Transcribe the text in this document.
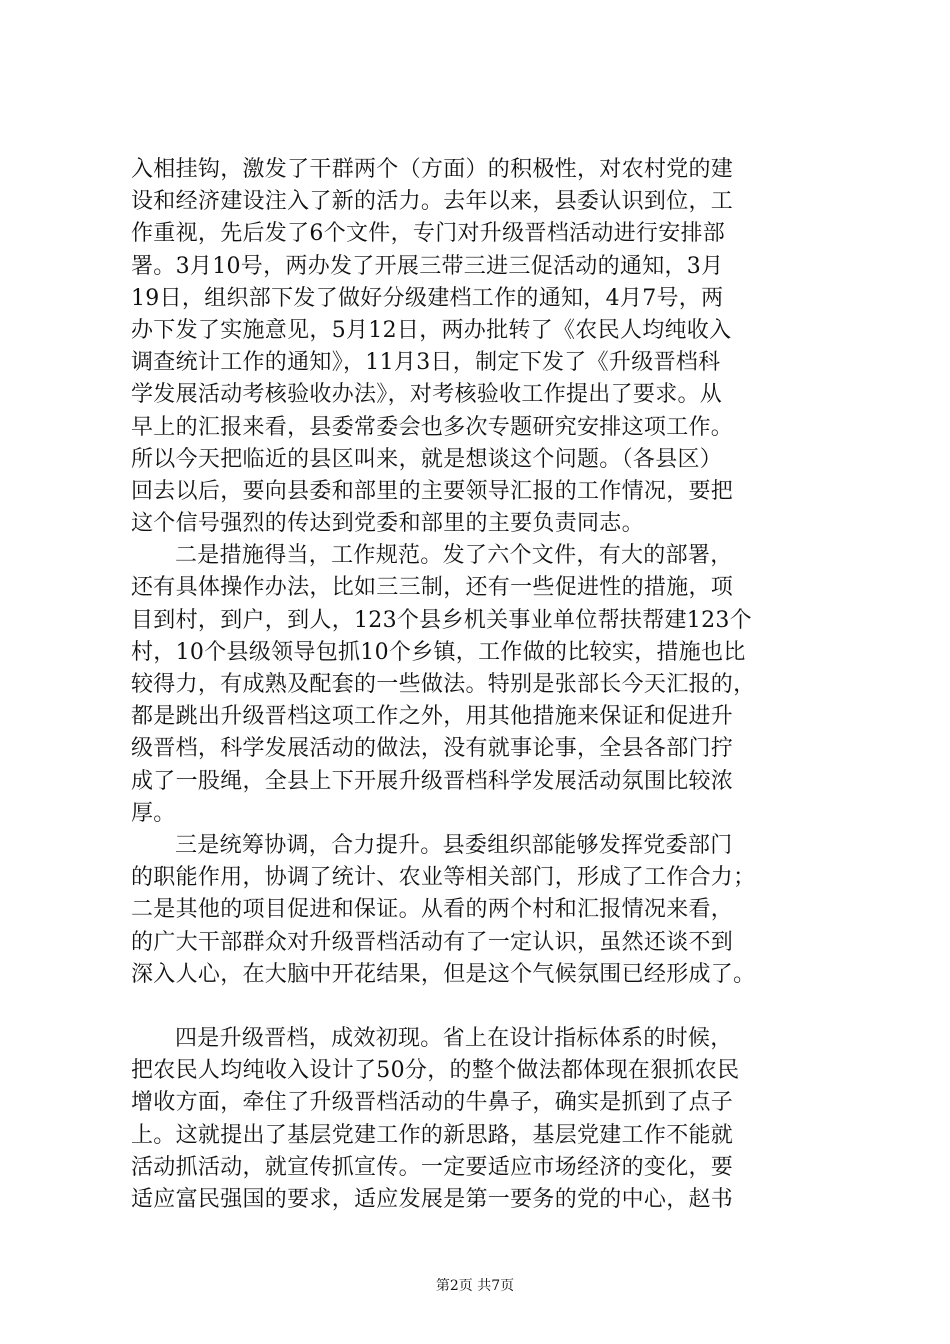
入相挂钩，激发了干群两个（方面）的积极性，对农村党的建
设和经济建设注入了新的活力。去年以来，县委认识到位，工
作重视，先后发了6个文件，专门对升级晋档活动进行安排部
署。3月10号，两办发了开展三带三进三促活动的通知，3月
19日，组织部下发了做好分级建档工作的通知，4月7号，两
办下发了实施意见，5月12日，两办批转了《农民人均纯收入
调查统计工作的通知》，11月3日，制定下发了《升级晋档科
学发展活动考核验收办法》，对考核验收工作提出了要求。从
早上的汇报来看，县委常委会也多次专题研究安排这项工作。
所以今天把临近的县区叫来，就是想谈这个问题。（各县区）
回去以后，要向县委和部里的主要领导汇报的工作情况，要把
这个信号强烈的传达到党委和部里的主要负责同志。
二是措施得当，工作规范。发了六个文件，有大的部署，
还有具体操作办法，比如三三制，还有一些促进性的措施，项
目到村，到户，到人，123个县乡机关事业单位帮扶帮建123个
村，10个县级领导包抓10个乡镇，工作做的比较实，措施也比
较得力，有成熟及配套的一些做法。特别是张部长今天汇报的，
都是跳出升级晋档这项工作之外，用其他措施来保证和促进升
级晋档，科学发展活动的做法，没有就事论事，全县各部门拧
成了一股绳，全县上下开展升级晋档科学发展活动氛围比较浓
厚。
三是统筹协调，合力提升。县委组织部能够发挥党委部门
的职能作用，协调了统计、农业等相关部门，形成了工作合力；
二是其他的项目促进和保证。从看的两个村和汇报情况来看，
的广大干部群众对升级晋档活动有了一定认识，虽然还谈不到
深入人心，在大脑中开花结果，但是这个气候氛围已经形成了。
四是升级晋档，成效初现。省上在设计指标体系的时候，
把农民人均纯收入设计了50分，的整个做法都体现在狠抓农民
增收方面，牵住了升级晋档活动的牛鼻子，确实是抓到了点子
上。这就提出了基层党建工作的新思路，基层党建工作不能就
活动抓活动，就宣传抓宣传。一定要适应市场经济的变化，要
适应富民强国的要求，适应发展是第一要务的党的中心，赵书
第2页 共7页
